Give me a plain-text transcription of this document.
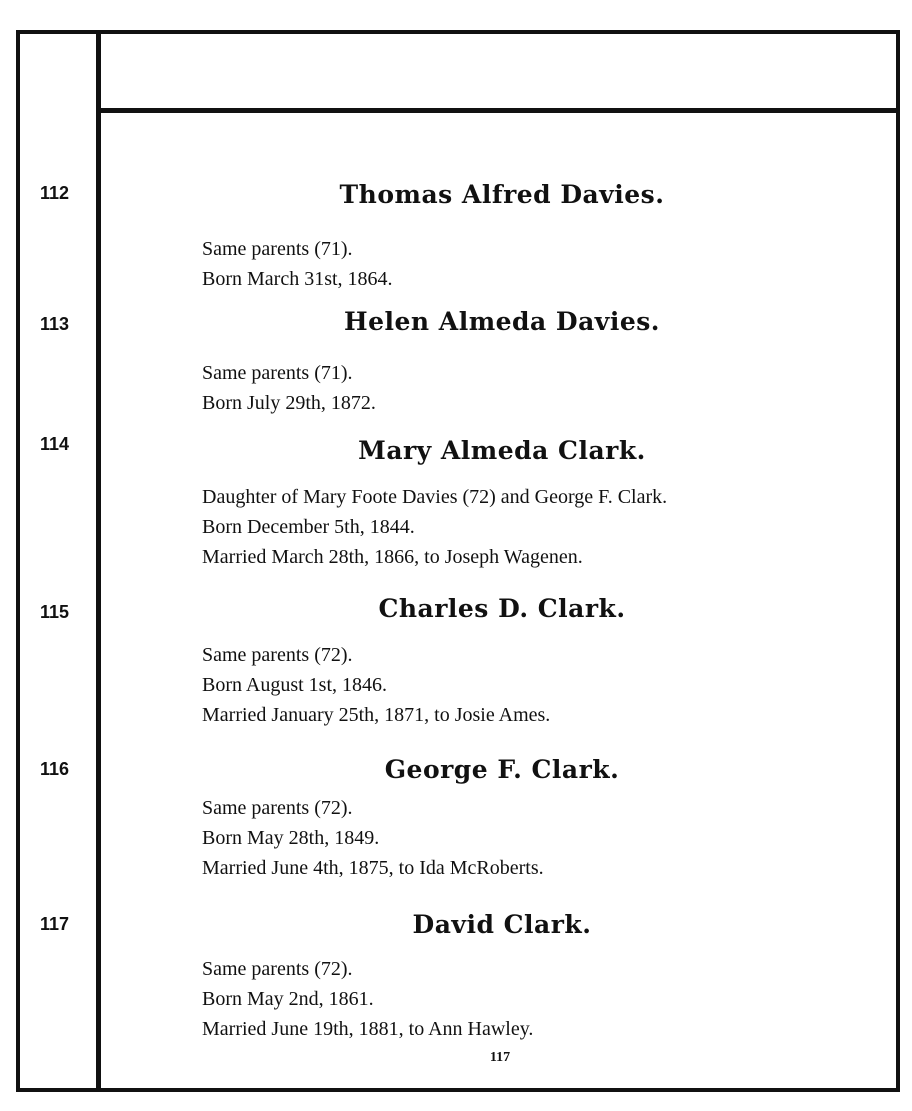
112	Thomas Alfred Davies.
Same parents (71).
Born March 31st, 1864.
113	Helen Almeda Davies.
Same parents (71).
Born July 29th, 1872.
114	Mary Almeda Clark.
Daughter of Mary Foote Davies (72) and George F. Clark.
Born December 5th, 1844.
Married March 28th, 1866, to Joseph Wagenen.
115	Charles D. Clark.
Same parents (72).
Born August 1st, 1846.
Married January 25th, 1871, to Josie Ames.
116	George F. Clark.
Same parents (72).
Born May 28th, 1849.
Married June 4th, 1875, to Ida McRoberts.
117	David Clark.
Same parents (72).
Born May 2nd, 1861.
Married June 19th, 1881, to Ann Hawley.
117
